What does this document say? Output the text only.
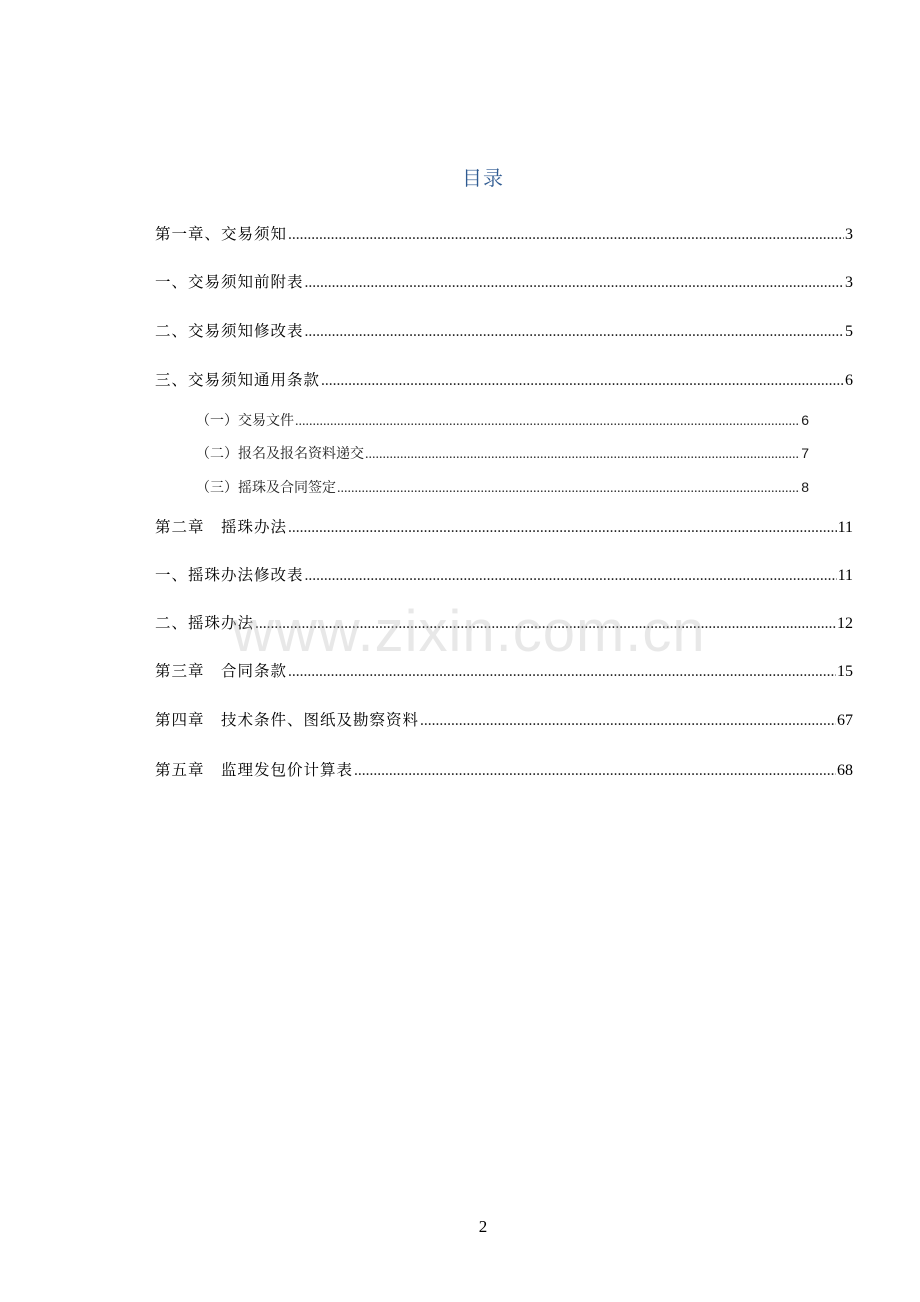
目录
第一章、交易须知 .....	3
一、交易须知前附表 .....	3
二、交易须知修改表 .....	5
三、交易须知通用条款 .....	6
（一）交易文件 .....	6
（二）报名及报名资料递交 .....	7
（三）摇珠及合同签定 .....	8
第二章　摇珠办法 .....	11
一、摇珠办法修改表 .....	11
二、摇珠办法 .....	12
第三章　合同条款 .....	15
第四章　技术条件、图纸及勘察资料 .....	67
第五章　监理发包价计算表 .....	68
www.zixin.com.cn
2
